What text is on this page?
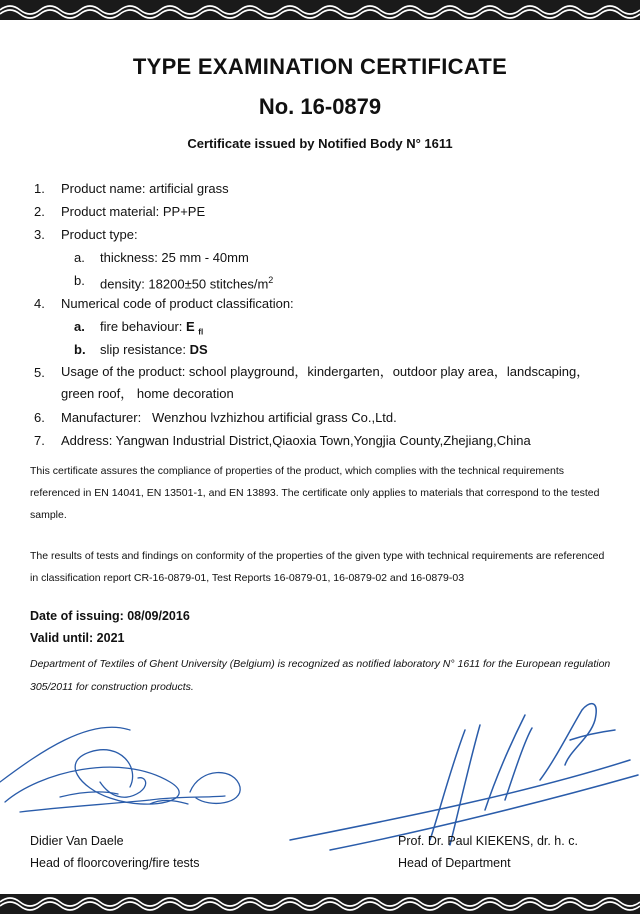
TYPE EXAMINATION CERTIFICATE
No. 16-0879
Certificate issued by Notified Body N° 1611
1.	Product name: artificial grass
2.	Product material: PP+PE
3.	Product type:
a.	thickness: 25 mm - 40mm
b.	density: 18200±50 stitches/$m^2$
4.	Numerical code of product classification:
a.	fire behaviour: E $_{fl}$
b.	slip resistance: DS
5.	Usage of the product: school playground，kindergarten，outdoor play area，landscaping，green roof， home decoration
6.	Manufacturer:   Wenzhou lvzhizhou artificial grass Co.,Ltd.
7.	Address: Yangwan Industrial District,Qiaoxia Town,Yongjia County,Zhejiang,China
This certificate assures the compliance of properties of the product, which complies with the technical requirements referenced in EN 14041, EN 13501-1, and EN 13893. The certificate only applies to materials that correspond to the tested sample.
The results of tests and findings on conformity of the properties of the given type with technical requirements are referenced in classification report CR-16-0879-01, Test Reports 16-0879-01, 16-0879-02 and 16-0879-03
Date of issuing: 08/09/2016
Valid until: 2021
Department of Textiles of Ghent University (Belgium) is recognized as notified laboratory N° 1611 for the European regulation 305/2011 for construction products.
Didier Van Daele
Head of floorcovering/fire tests
Prof. Dr. Paul KIEKENS, dr. h. c.
Head of Department
